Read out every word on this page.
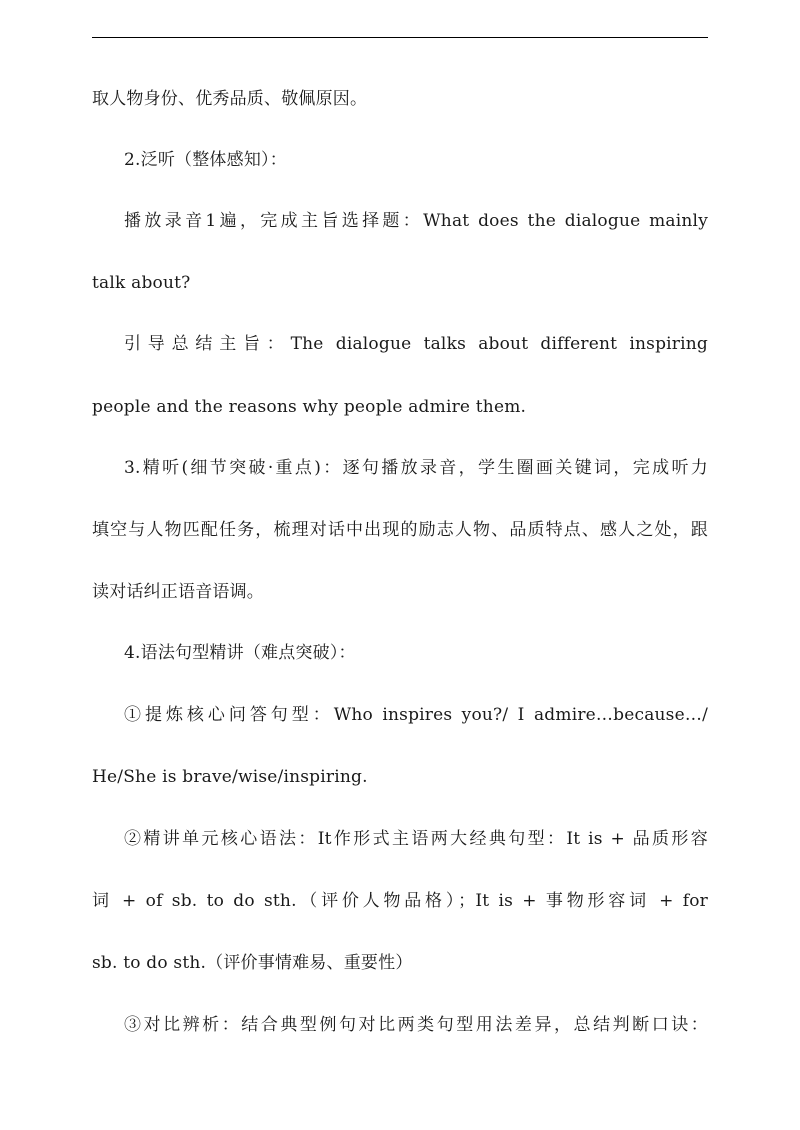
取人物身份、优秀品质、敬佩原因。
2.泛听（整体感知）：
播放录音1遍，完成主旨选择题：What does the dialogue mainly
talk about?
引导总结主旨：The dialogue talks about different inspiring
people and the reasons why people admire them.
3.精听(细节突破·重点)：逐句播放录音，学生圈画关键词，完成听力
填空与人物匹配任务，梳理对话中出现的励志人物、品质特点、感人之处，跟
读对话纠正语音语调。
4.语法句型精讲（难点突破）：
①提炼核心问答句型：Who inspires you?/ I admire…because…/
He/She is brave/wise/inspiring.
②精讲单元核心语法：It作形式主语两大经典句型：It is + 品质形容
词 + of sb. to do sth.（评价人物品格）；It is + 事物形容词 + for
sb. to do sth.（评价事情难易、重要性）
③对比辨析：结合典型例句对比两类句型用法差异，总结判断口诀：
